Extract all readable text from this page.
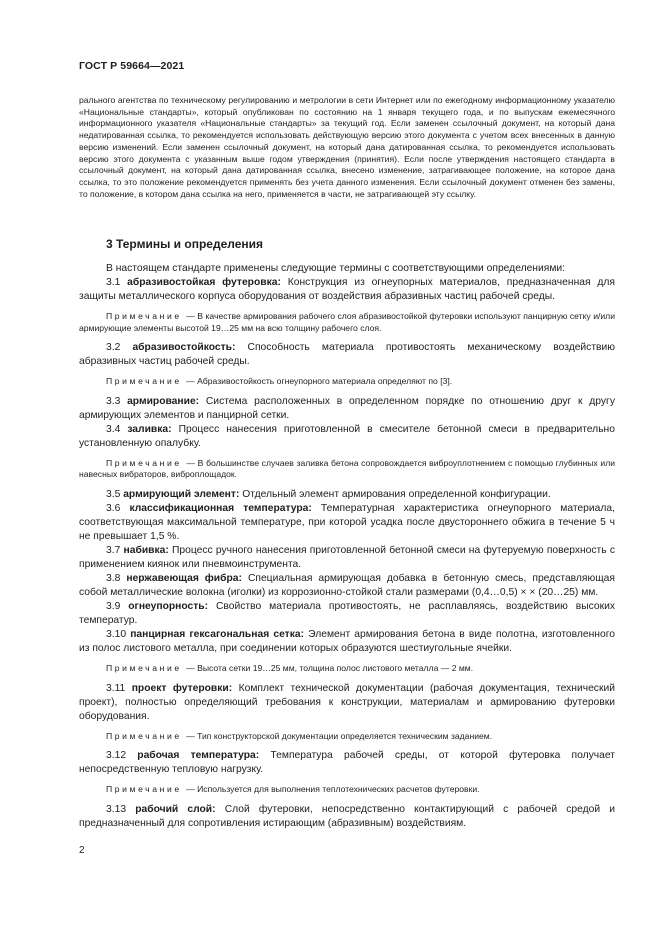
ГОСТ Р 59664—2021

рального агентства по техническому регулированию и метрологии в сети Интернет или по ежегодному информационному указателю «Национальные стандарты», который опубликован по состоянию на 1 января текущего года, и по выпускам ежемесячного информационного указателя «Национальные стандарты» за текущий год. Если заменен ссылочный документ, на который дана недатированная ссылка, то рекомендуется использовать действующую версию этого документа с учетом всех внесенных в данную версию изменений. Если заменен ссылочный документ, на который дана датированная ссылка, то рекомендуется использовать версию этого документа с указанным выше годом утверждения (принятия). Если после утверждения настоящего стандарта в ссылочный документ, на который дана датированная ссылка, внесено изменение, затрагивающее положение, на которое дана ссылка, то это положение рекомендуется применять без учета данного изменения. Если ссылочный документ отменен без замены, то положение, в котором дана ссылка на него, применяется в части, не затрагивающей эту ссылку.

3 Термины и определения

В настоящем стандарте применены следующие термины с соответствующими определениями:

3.1 абразивостойкая футеровка: Конструкция из огнеупорных материалов, предназначенная для защиты металлического корпуса оборудования от воздействия абразивных частиц рабочей среды.

Примечание — В качестве армирования рабочего слоя абразивостойкой футеровки используют панцирную сетку и/или армирующие элементы высотой 19…25 мм на всю толщину рабочего слоя.

3.2 абразивостойкость: Способность материала противостоять механическому воздействию абразивных частиц рабочей среды.

Примечание — Абразивостойкость огнеупорного материала определяют по [3].

3.3 армирование: Система расположенных в определенном порядке по отношению друг к другу армирующих элементов и панцирной сетки.

3.4 заливка: Процесс нанесения приготовленной в смесителе бетонной смеси в предварительно установленную опалубку.

Примечание — В большинстве случаев заливка бетона сопровождается виброуплотнением с помощью глубинных или навесных вибраторов, виброплощадок.

3.5 армирующий элемент: Отдельный элемент армирования определенной конфигурации.

3.6 классификационная температура: Температурная характеристика огнеупорного материала, соответствующая максимальной температуре, при которой усадка после двустороннего обжига в течение 5 ч не превышает 1,5 %.

3.7 набивка: Процесс ручного нанесения приготовленной бетонной смеси на футеруемую поверхность с применением киянок или пневмоинструмента.

3.8 нержавеющая фибра: Специальная армирующая добавка в бетонную смесь, представляющая собой металлические волокна (иголки) из коррозионно-стойкой стали размерами (0,4…0,5) × × (20…25) мм.

3.9 огнеупорность: Свойство материала противостоять, не расплавляясь, воздействию высоких температур.

3.10 панцирная гексагональная сетка: Элемент армирования бетона в виде полотна, изготовленного из полос листового металла, при соединении которых образуются шестиугольные ячейки.

Примечание — Высота сетки 19…25 мм, толщина полос листового металла — 2 мм.

3.11 проект футеровки: Комплект технической документации (рабочая документация, технический проект), полностью определяющий требования к конструкции, материалам и армированию футеровки оборудования.

Примечание — Тип конструкторской документации определяется техническим заданием.

3.12 рабочая температура: Температура рабочей среды, от которой футеровка получает непосредственную тепловую нагрузку.

Примечание — Используется для выполнения теплотехнических расчетов футеровки.

3.13 рабочий слой: Слой футеровки, непосредственно контактирующий с рабочей средой и предназначенный для сопротивления истирающим (абразивным) воздействиям.

2
